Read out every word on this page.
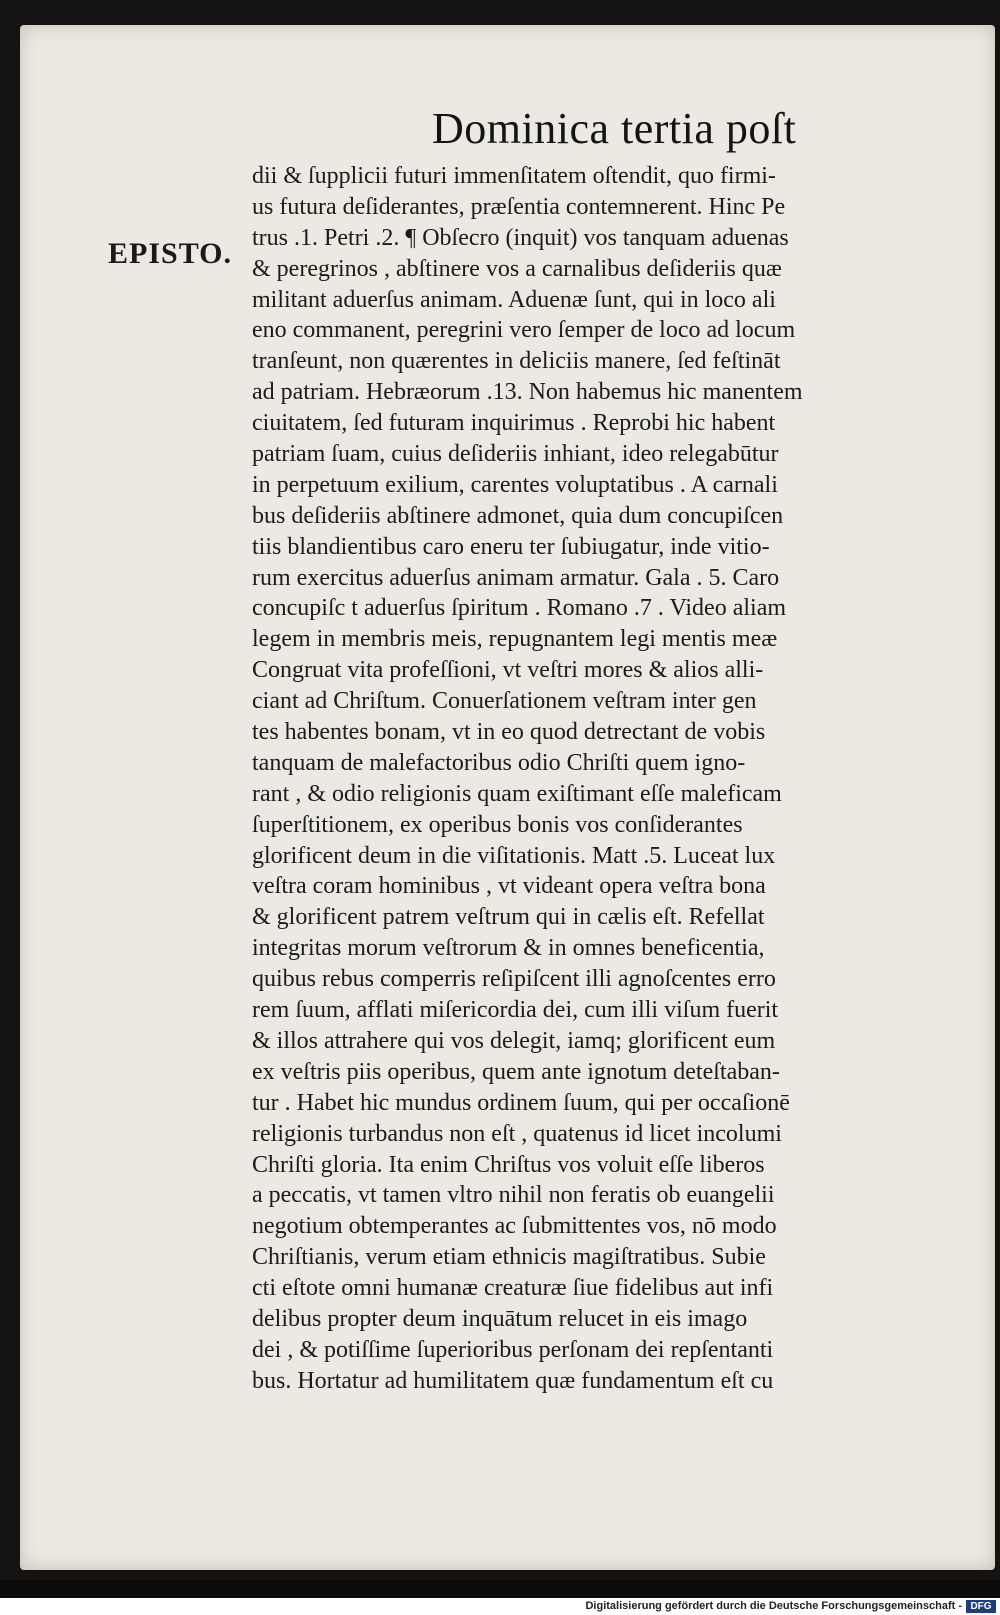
Dominica tertia poſt
EPISTO.
dii & ſupplicii futuri immenſitatem oſtendit, quo firmi-
us futura deſiderantes, præſentia contemnerent. Hinc Pe
trus .1. Petri .2. ¶ Obſecro (inquit) vos tanquam aduenas
& peregrinos , abſtinere vos a carnalibus deſideriis quæ
militant aduerſus animam. Aduenæ ſunt, qui in loco ali
eno commanent, peregrini vero ſemper de loco ad locum
tranſeunt, non quærentes in deliciis manere, ſed feſtināt
ad patriam. Hebræorum .13. Non habemus hic manentem
ciuitatem, ſed futuram inquirimus . Reprobi hic habent
patriam ſuam, cuius deſideriis inhiant, ideo relegabūtur
in perpetuum exilium, carentes voluptatibus . A carnali
bus deſideriis abſtinere admonet, quia dum concupiſcen
tiis blandientibus caro eneru ter ſubiugatur, inde vitio-
rum exercitus aduerſus animam armatur. Gala . 5. Caro
concupiſc t aduerſus ſpiritum . Romano .7 . Video aliam
legem in membris meis, repugnantem legi mentis meæ
Congruat vita profeſſioni, vt veſtri mores & alios alli-
ciant ad Chriſtum. Conuerſationem veſtram inter gen
tes habentes bonam, vt in eo quod detrectant de vobis
tanquam de malefactoribus odio Chriſti quem igno-
rant , & odio religionis quam exiſtimant eſſe maleficam
ſuperſtitionem, ex operibus bonis vos conſiderantes
glorificent deum in die viſitationis. Matt .5. Luceat lux
veſtra coram hominibus , vt videant opera veſtra bona
& glorificent patrem veſtrum qui in cælis eſt. Refellat
integritas morum veſtrorum & in omnes beneficentia,
quibus rebus comperris reſipiſcent illi agnoſcentes erro
rem ſuum, afflati miſericordia dei, cum illi viſum fuerit
& illos attrahere qui vos delegit, iamq; glorificent eum
ex veſtris piis operibus, quem ante ignotum deteſtaban-
tur . Habet hic mundus ordinem ſuum, qui per occaſionē
religionis turbandus non eſt , quatenus id licet incolumi
Chriſti gloria. Ita enim Chriſtus vos voluit eſſe liberos
a peccatis, vt tamen vltro nihil non feratis ob euangelii
negotium obtemperantes ac ſubmittentes vos, nō modo
Chriſtianis, verum etiam ethnicis magiſtratibus. Subie
cti eſtote omni humanæ creaturæ ſiue fidelibus aut infi
delibus propter deum inquātum relucet in eis imago
dei , & potiſſime ſuperioribus perſonam dei repſentanti
bus. Hortatur ad humilitatem quæ fundamentum eſt cu
Digitalisierung gefördert durch die Deutsche Forschungsgemeinschaft - DFG
